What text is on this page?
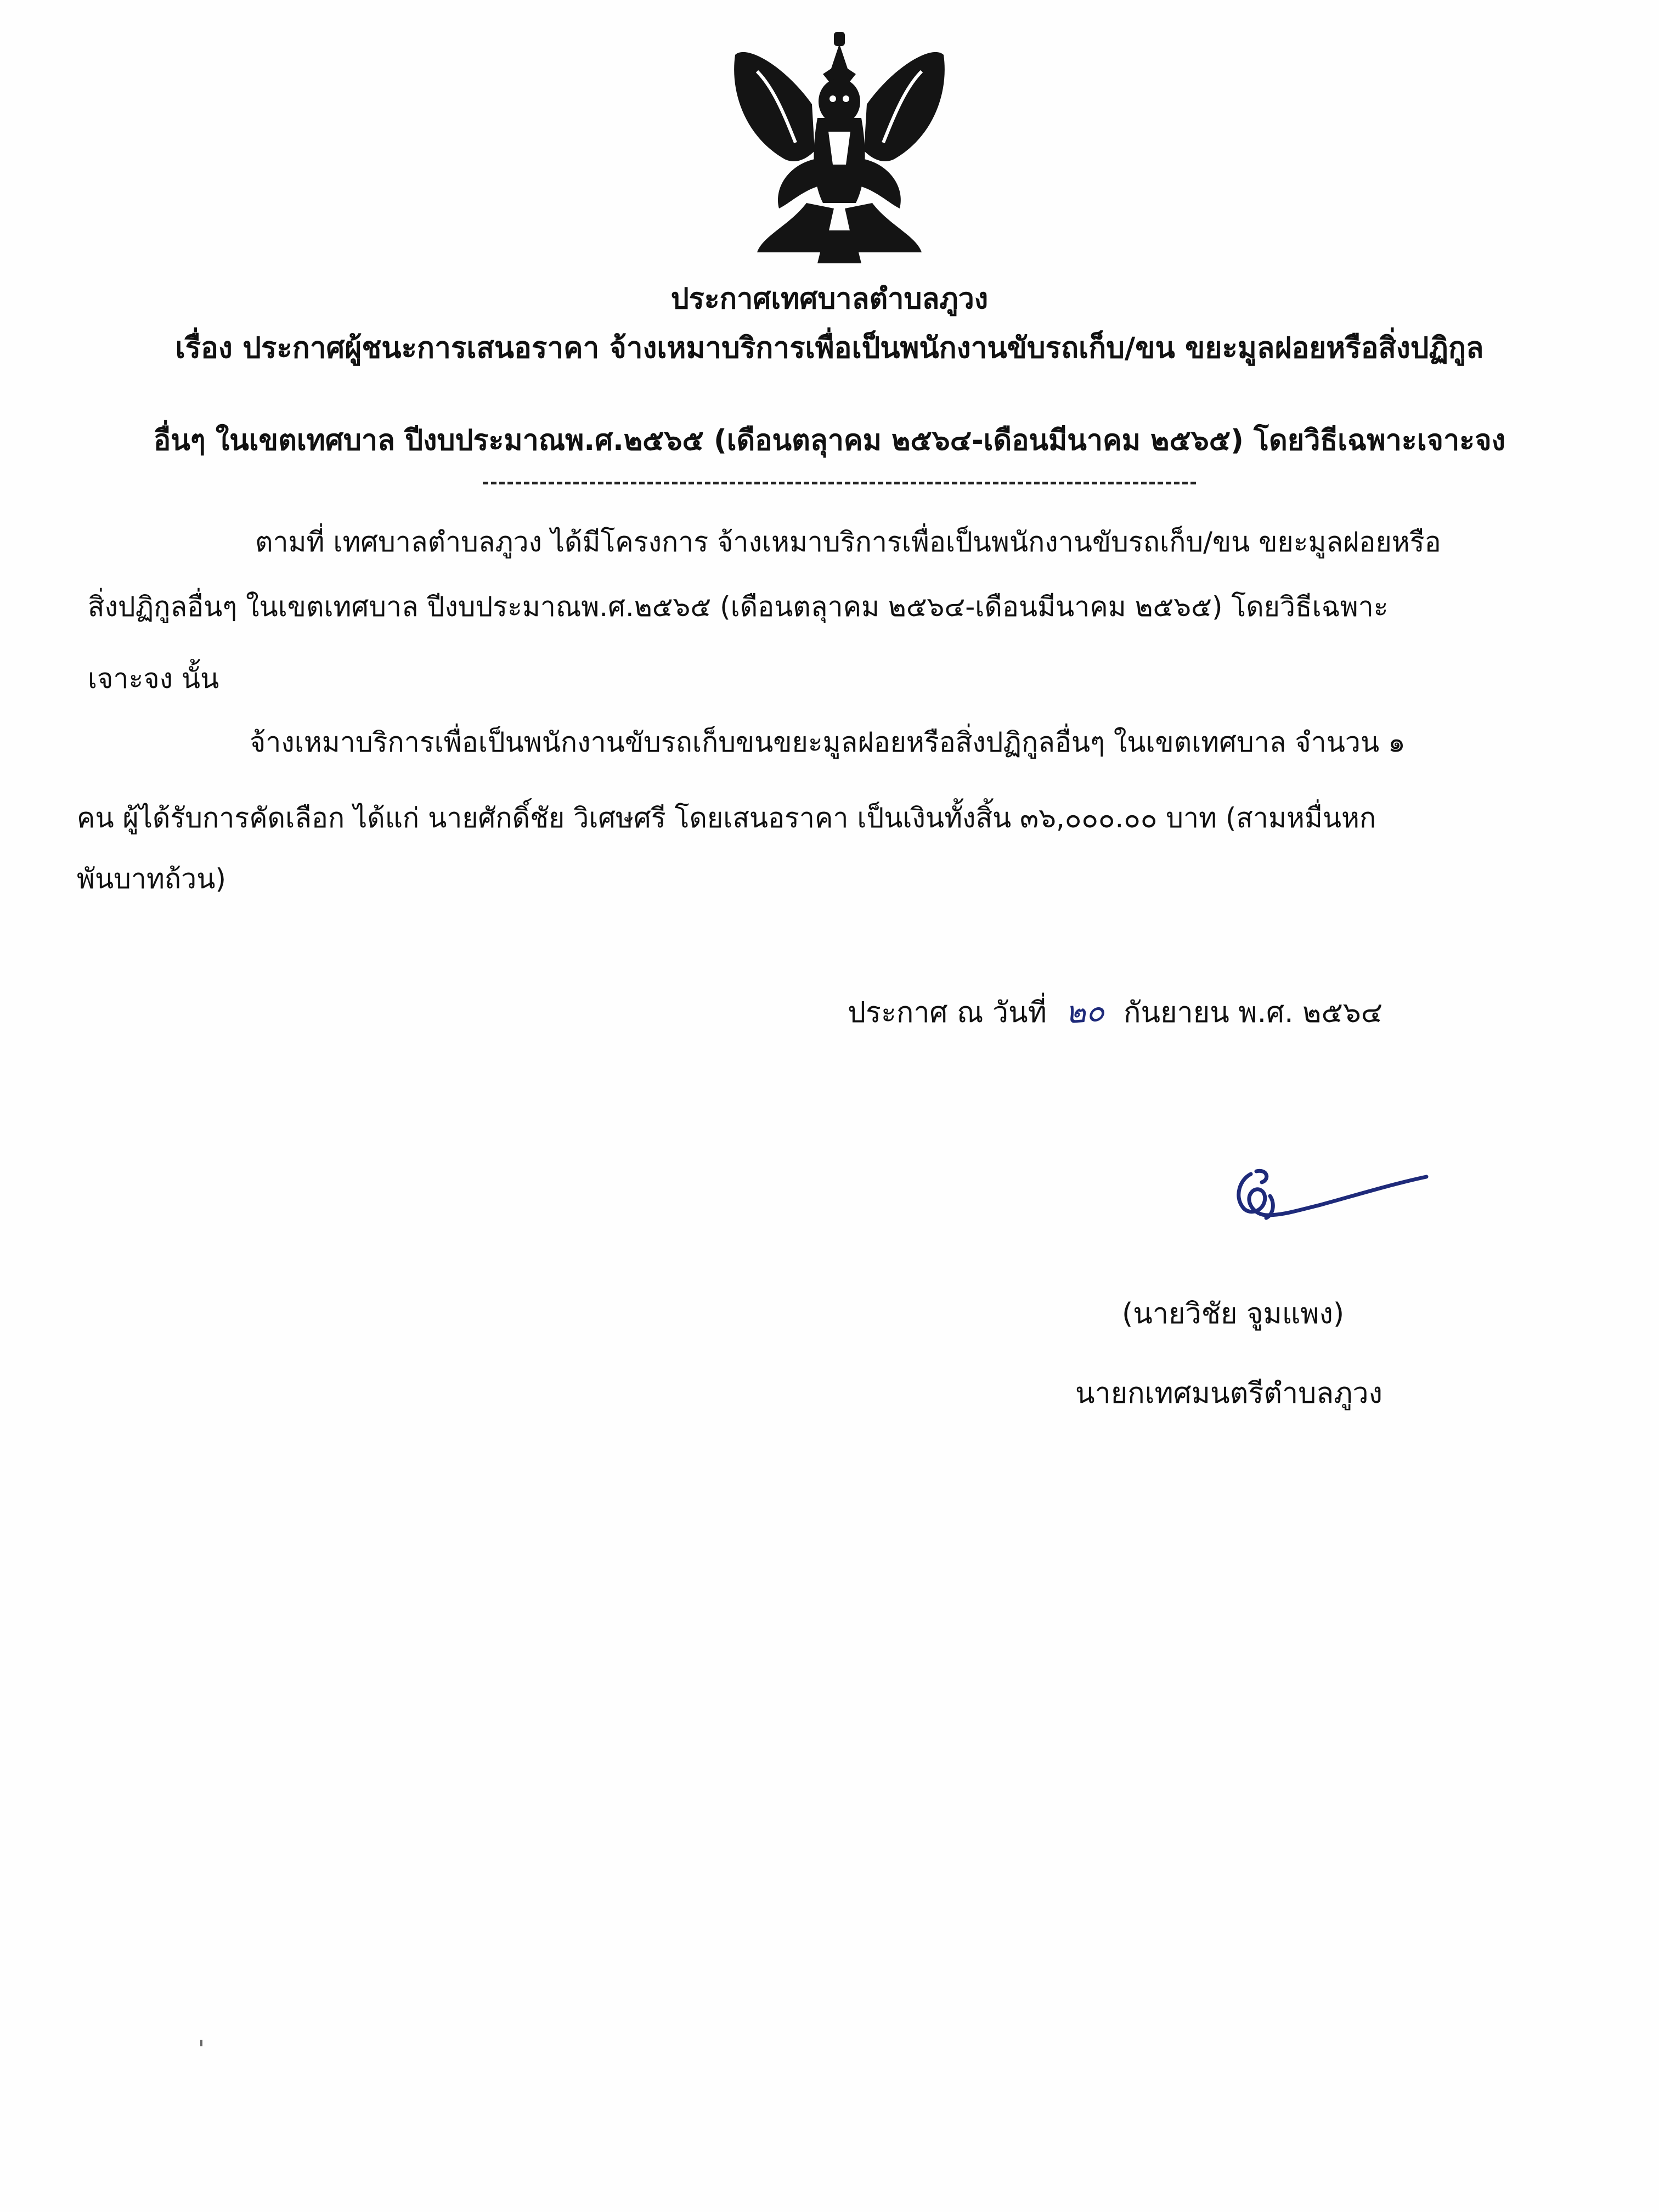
ประกาศเทศบาลตำบลภูวง
เรื่อง ประกาศผู้ชนะการเสนอราคา จ้างเหมาบริการเพื่อเป็นพนักงานขับรถเก็บ/ขน ขยะมูลฝอยหรือสิ่งปฏิกูล
อื่นๆ ในเขตเทศบาล ปีงบประมาณพ.ศ.๒๕๖๕ (เดือนตลุาคม ๒๕๖๔-เดือนมีนาคม ๒๕๖๕) โดยวิธีเฉพาะเจาะจง
ตามที่ เทศบาลตำบลภูวง ได้มีโครงการ จ้างเหมาบริการเพื่อเป็นพนักงานขับรถเก็บ/ขน ขยะมูลฝอยหรือ
สิ่งปฏิกูลอื่นๆ ในเขตเทศบาล ปีงบประมาณพ.ศ.๒๕๖๕ (เดือนตลุาคม ๒๕๖๔-เดือนมีนาคม ๒๕๖๕) โดยวิธีเฉพาะ
เจาะจง นั้น
จ้างเหมาบริการเพื่อเป็นพนักงานขับรถเก็บขนขยะมูลฝอยหรือสิ่งปฏิกูลอื่นๆ ในเขตเทศบาล จำนวน ๑
คน ผู้ได้รับการคัดเลือก ได้แก่ นายศักดิ์ชัย วิเศษศรี โดยเสนอราคา เป็นเงินทั้งสิ้น ๓๖,๐๐๐.๐๐ บาท (สามหมื่นหก
พันบาทถ้วน)
ประกาศ ณ วันที่ ๒๐ กันยายน พ.ศ. ๒๕๖๔
(นายวิชัย จูมแพง)
นายกเทศมนตรีตำบลภูวง
